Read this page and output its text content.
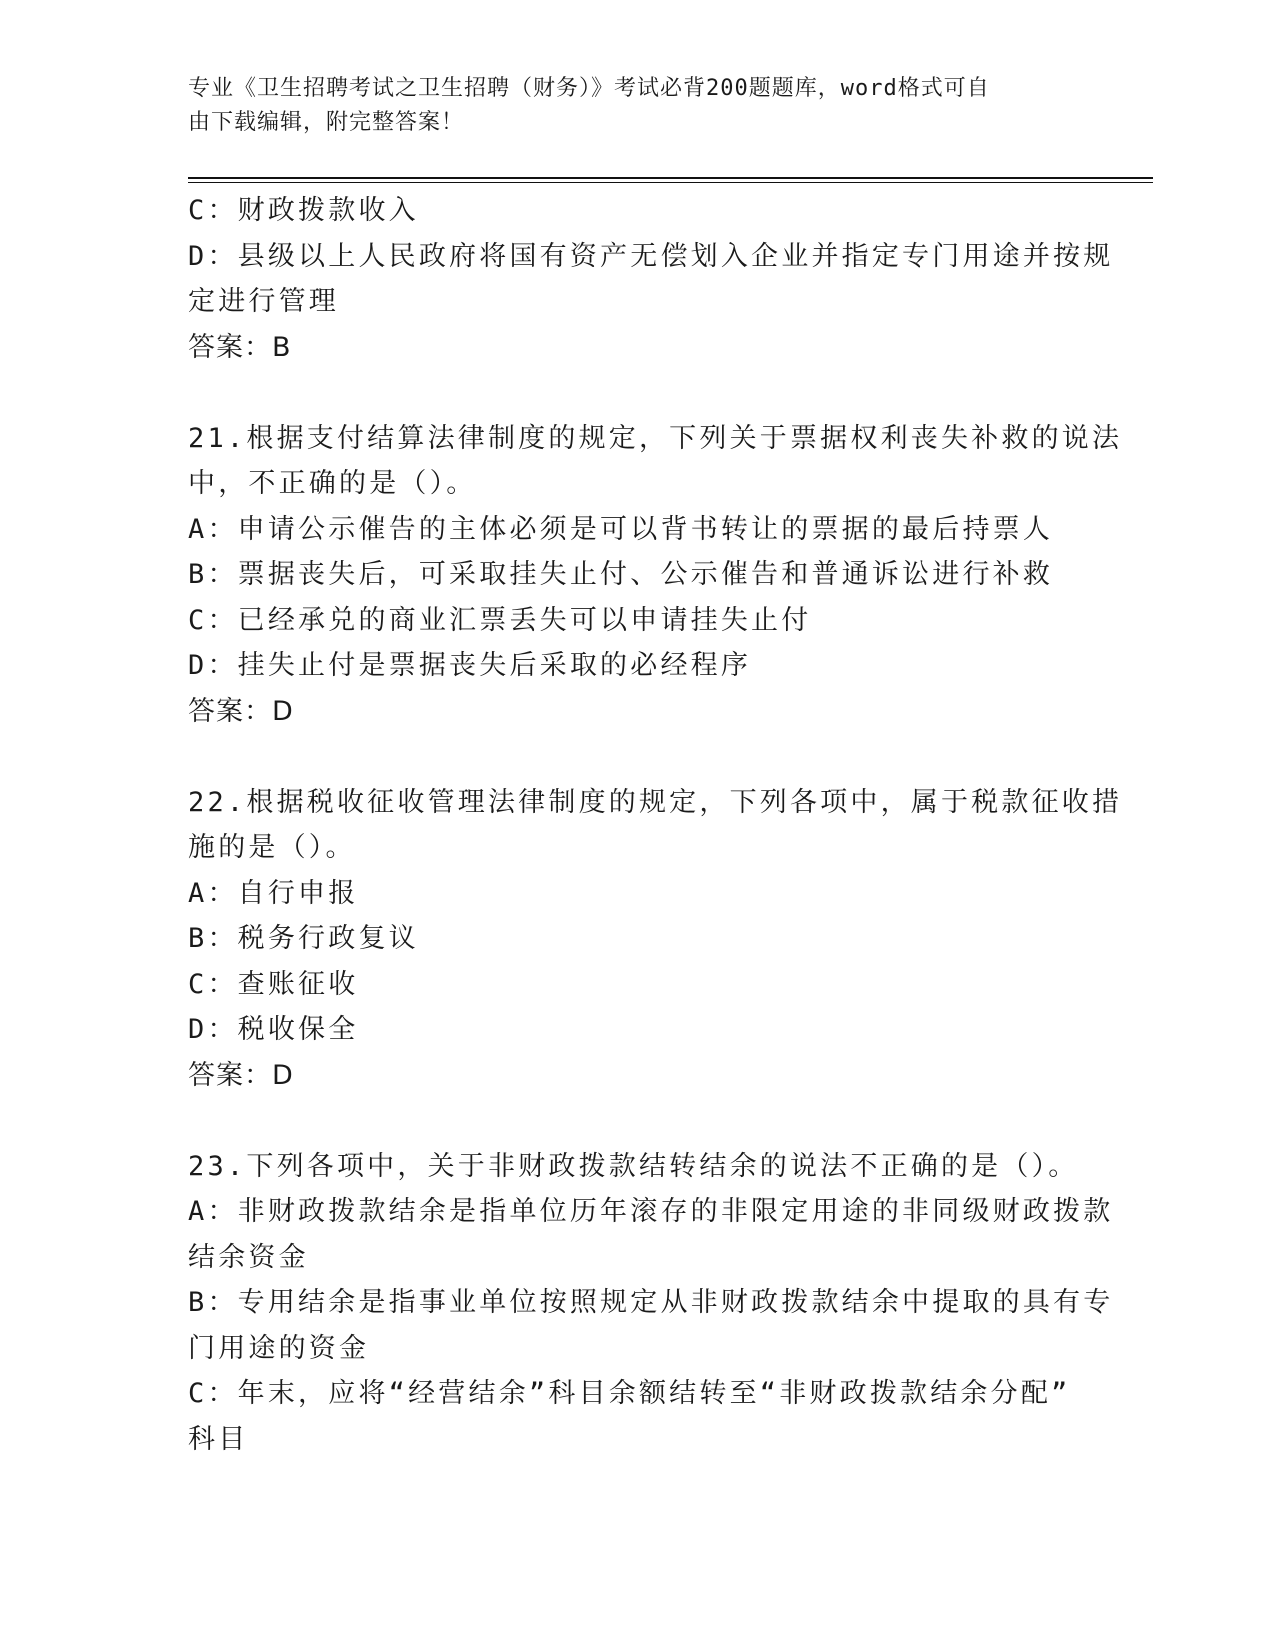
专业《卫生招聘考试之卫生招聘（财务）》考试必背200题题库，word格式可自
由下载编辑，附完整答案！
C：财政拨款收入
D：县级以上人民政府将国有资产无偿划入企业并指定专门用途并按规
定进行管理
答案：B
21.根据支付结算法律制度的规定，下列关于票据权利丧失补救的说法
中，不正确的是（）。
A：申请公示催告的主体必须是可以背书转让的票据的最后持票人
B：票据丧失后，可采取挂失止付、公示催告和普通诉讼进行补救
C：已经承兑的商业汇票丢失可以申请挂失止付
D：挂失止付是票据丧失后采取的必经程序
答案：D
22.根据税收征收管理法律制度的规定，下列各项中，属于税款征收措
施的是（）。
A：自行申报
B：税务行政复议
C：查账征收
D：税收保全
答案：D
23.下列各项中，关于非财政拨款结转结余的说法不正确的是（）。
A：非财政拨款结余是指单位历年滚存的非限定用途的非同级财政拨款
结余资金
B：专用结余是指事业单位按照规定从非财政拨款结余中提取的具有专
门用途的资金
C：年末，应将“经营结余”科目余额结转至“非财政拨款结余分配”
科目
